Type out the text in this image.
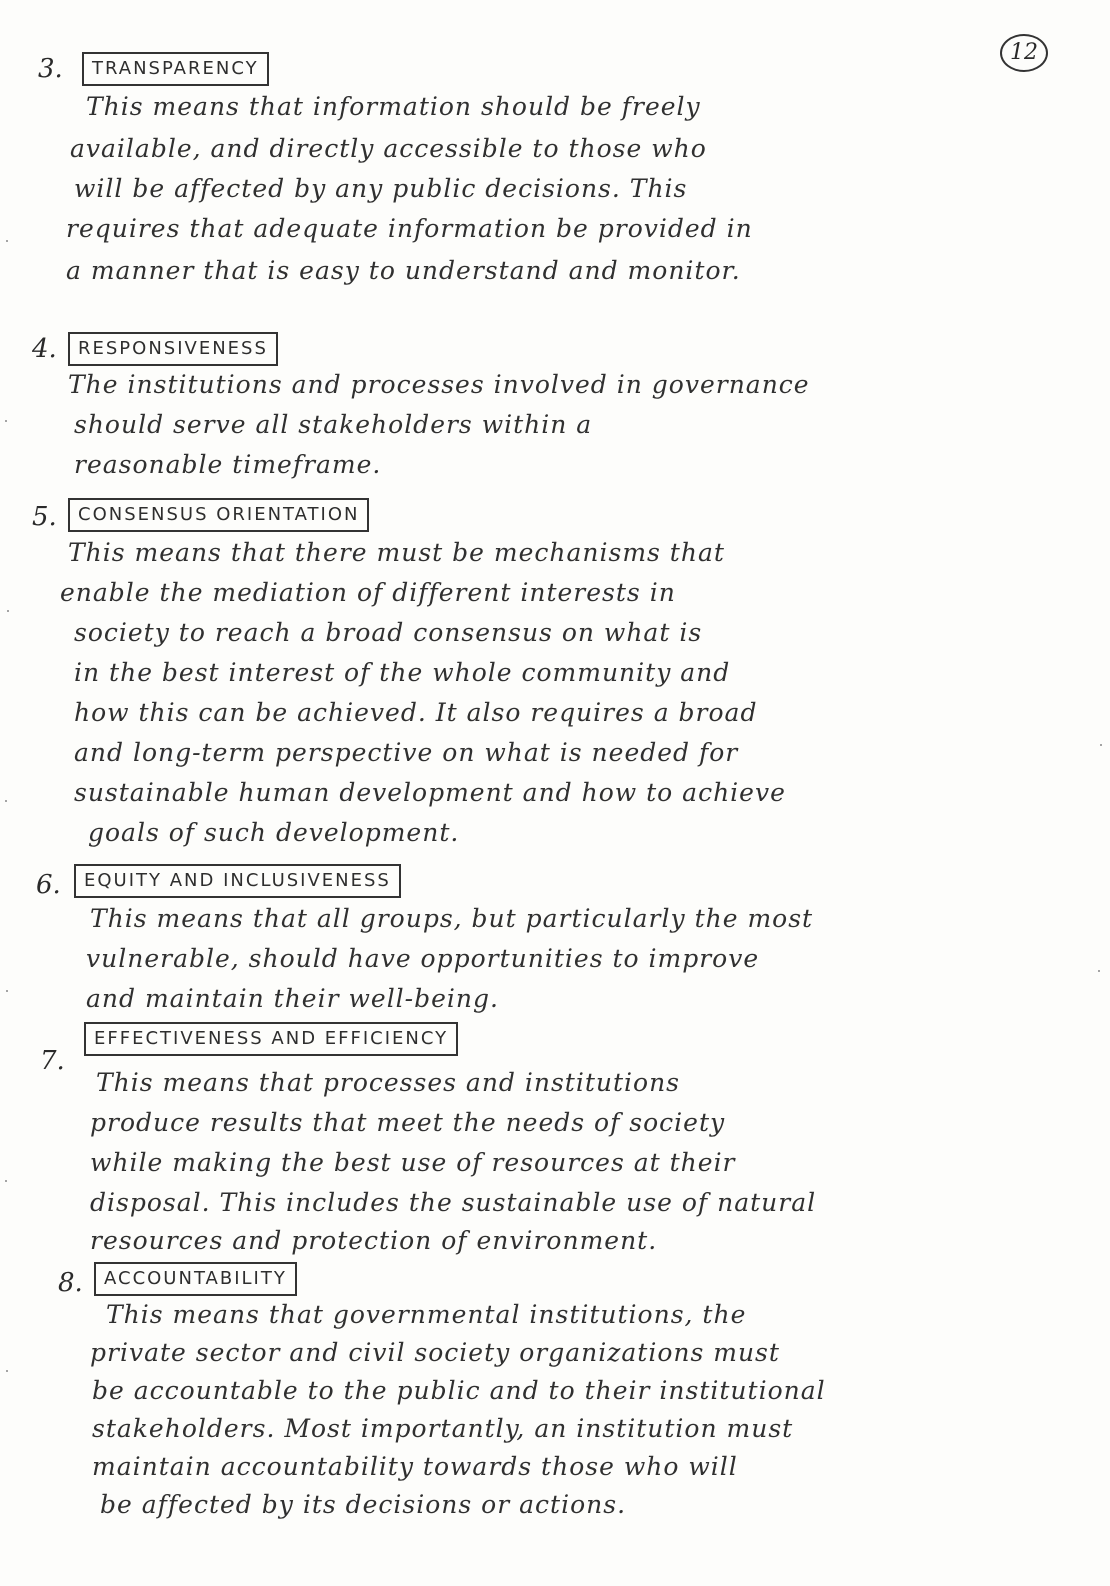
12
3.	TRANSPARENCY
This means that information should be freely
available, and directly accessible to those who
will be affected by any public decisions. This
requires that adequate information be provided in
a manner that is easy to understand and monitor.
4.	RESPONSIVENESS
The institutions and processes involved in governance
should serve all stakeholders within a
reasonable timeframe.
5.	CONSENSUS ORIENTATION
This means that there must be mechanisms that
enable the mediation of different interests in
society to reach a broad consensus on what is
in the best interest of the whole community and
how this can be achieved. It also requires a broad
and long-term perspective on what is needed for
sustainable human development and how to achieve
goals of such development.
6.	EQUITY AND INCLUSIVENESS
This means that all groups, but particularly the most
vulnerable, should have opportunities to improve
and maintain their well-being.
7.
EFFECTIVENESS AND EFFICIENCY
This means that processes and institutions
produce results that meet the needs of society
while making the best use of resources at their
disposal. This includes the sustainable use of natural
resources and protection of environment.
8.	ACCOUNTABILITY
This means that governmental institutions, the
private sector and civil society organizations must
be accountable to the public and to their institutional
stakeholders. Most importantly, an institution must
maintain accountability towards those who will
be affected by its decisions or actions.
